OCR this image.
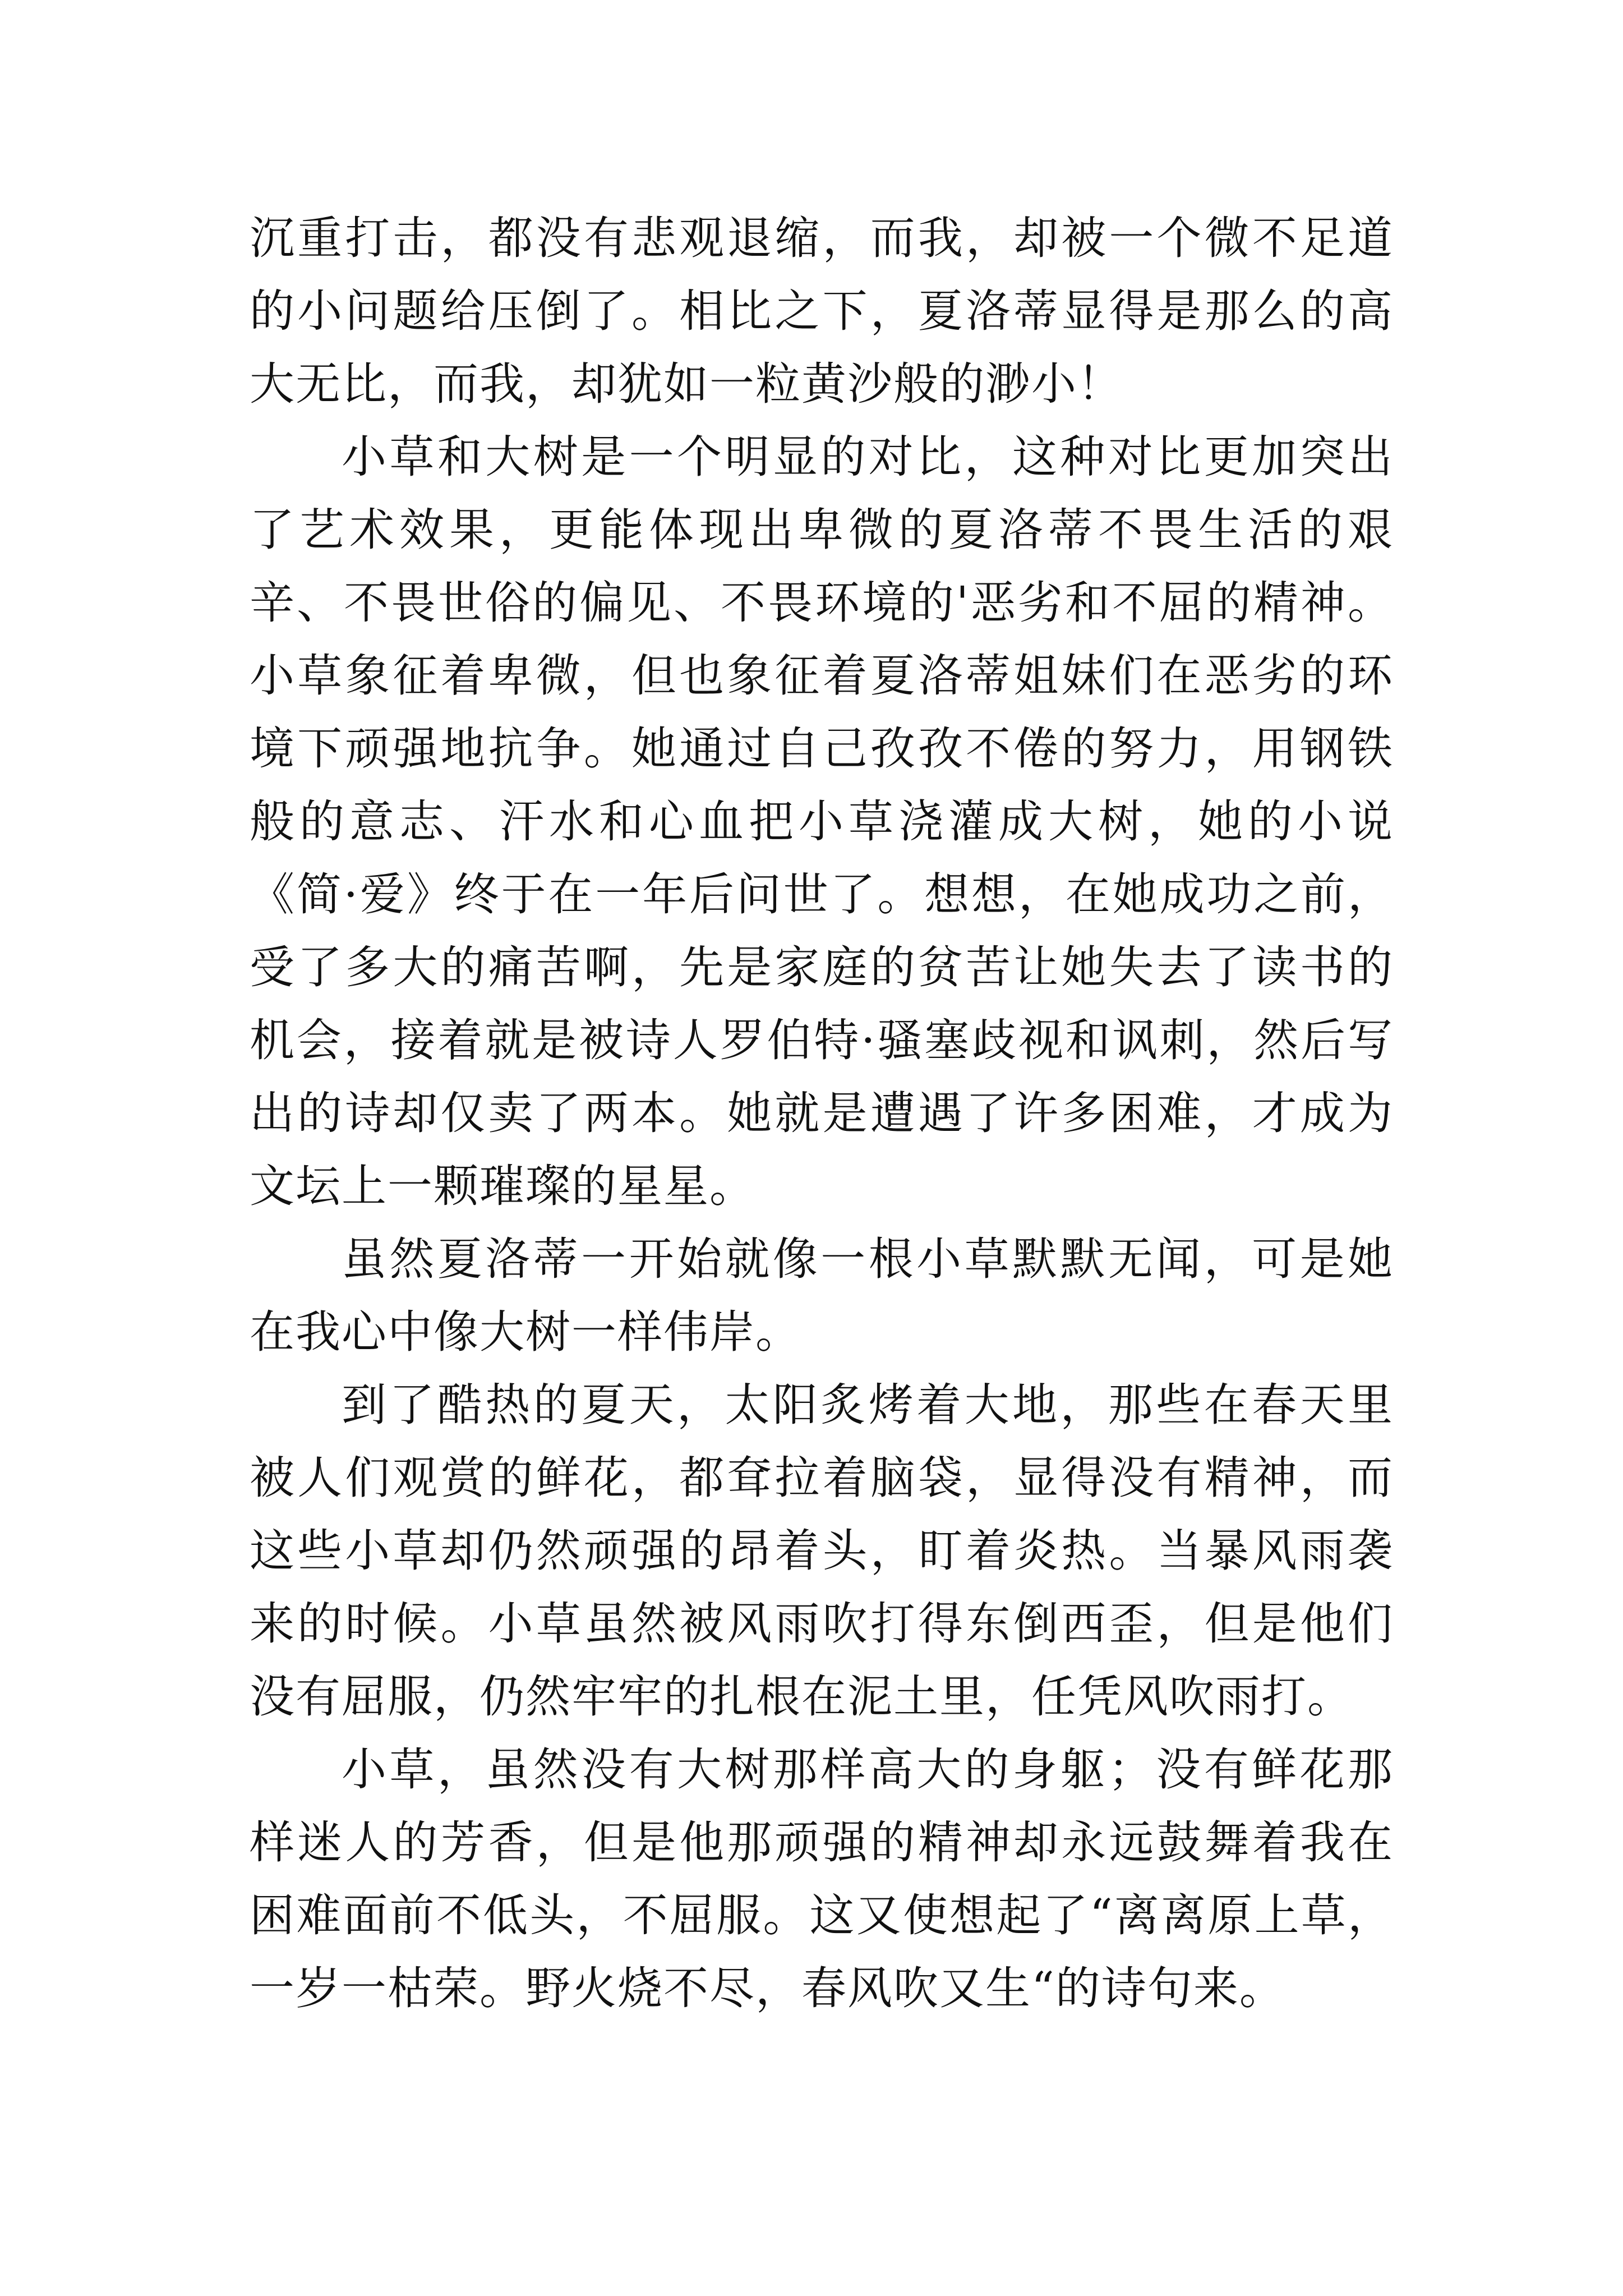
沉重打击，都没有悲观退缩，而我，却被一个微不足道的小问题给压倒了。相比之下，夏洛蒂显得是那么的高大无比，而我，却犹如一粒黄沙般的渺小！

小草和大树是一个明显的对比，这种对比更加突出了艺术效果，更能体现出卑微的夏洛蒂不畏生活的艰辛、不畏世俗的偏见、不畏环境的'恶劣和不屈的精神。小草象征着卑微，但也象征着夏洛蒂姐妹们在恶劣的环境下顽强地抗争。她通过自己孜孜不倦的努力，用钢铁般的意志、汗水和心血把小草浇灌成大树，她的小说《简·爱》终于在一年后问世了。想想，在她成功之前，受了多大的痛苦啊，先是家庭的贫苦让她失去了读书的机会，接着就是被诗人罗伯特·骚塞歧视和讽刺，然后写出的诗却仅卖了两本。她就是遭遇了许多困难，才成为文坛上一颗璀璨的星星。

虽然夏洛蒂一开始就像一根小草默默无闻，可是她在我心中像大树一样伟岸。

到了酷热的夏天，太阳炙烤着大地，那些在春天里被人们观赏的鲜花，都耷拉着脑袋，显得没有精神，而这些小草却仍然顽强的昂着头，盯着炎热。当暴风雨袭来的时候。小草虽然被风雨吹打得东倒西歪，但是他们没有屈服，仍然牢牢的扎根在泥土里，任凭风吹雨打。

小草，虽然没有大树那样高大的身躯；没有鲜花那样迷人的芳香，但是他那顽强的精神却永远鼓舞着我在困难面前不低头，不屈服。这又使想起了“离离原上草，一岁一枯荣。野火烧不尽，春风吹又生“的诗句来。
